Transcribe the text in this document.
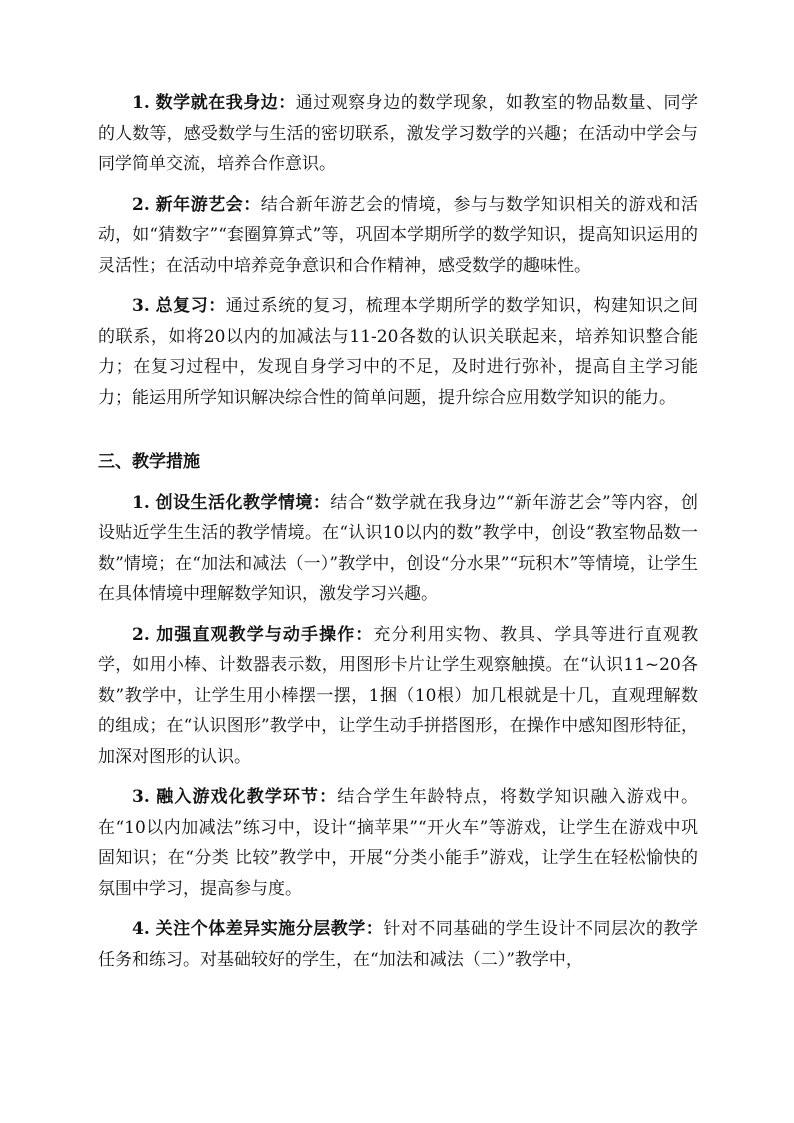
1. 数学就在我身边：通过观察身边的数学现象，如教室的物品数量、同学的人数等，感受数学与生活的密切联系，激发学习数学的兴趣；在活动中学会与同学简单交流，培养合作意识。

2. 新年游艺会：结合新年游艺会的情境，参与与数学知识相关的游戏和活动，如“猜数字”“套圈算算式”等，巩固本学期所学的数学知识，提高知识运用的灵活性；在活动中培养竞争意识和合作精神，感受数学的趣味性。

3. 总复习：通过系统的复习，梳理本学期所学的数学知识，构建知识之间的联系，如将20以内的加减法与11-20各数的认识关联起来，培养知识整合能力；在复习过程中，发现自身学习中的不足，及时进行弥补，提高自主学习能力；能运用所学知识解决综合性的简单问题，提升综合应用数学知识的能力。

三、教学措施

1. 创设生活化教学情境：结合“数学就在我身边”“新年游艺会”等内容，创设贴近学生生活的教学情境。在“认识10以内的数”教学中，创设“教室物品数一数”情境；在“加法和减法（一）”教学中，创设“分水果”“玩积木”等情境，让学生在具体情境中理解数学知识，激发学习兴趣。

2. 加强直观教学与动手操作：充分利用实物、教具、学具等进行直观教学，如用小棒、计数器表示数，用图形卡片让学生观察触摸。在“认识11~20各数”教学中，让学生用小棒摆一摆，1捆（10根）加几根就是十几，直观理解数的组成；在“认识图形”教学中，让学生动手拼搭图形，在操作中感知图形特征，加深对图形的认识。

3. 融入游戏化教学环节：结合学生年龄特点，将数学知识融入游戏中。在“10以内加减法”练习中，设计“摘苹果”“开火车”等游戏，让学生在游戏中巩固知识；在“分类 比较”教学中，开展“分类小能手”游戏，让学生在轻松愉快的氛围中学习，提高参与度。

4. 关注个体差异实施分层教学：针对不同基础的学生设计不同层次的教学任务和练习。对基础较好的学生，在“加法和减法（二）”教学中，
